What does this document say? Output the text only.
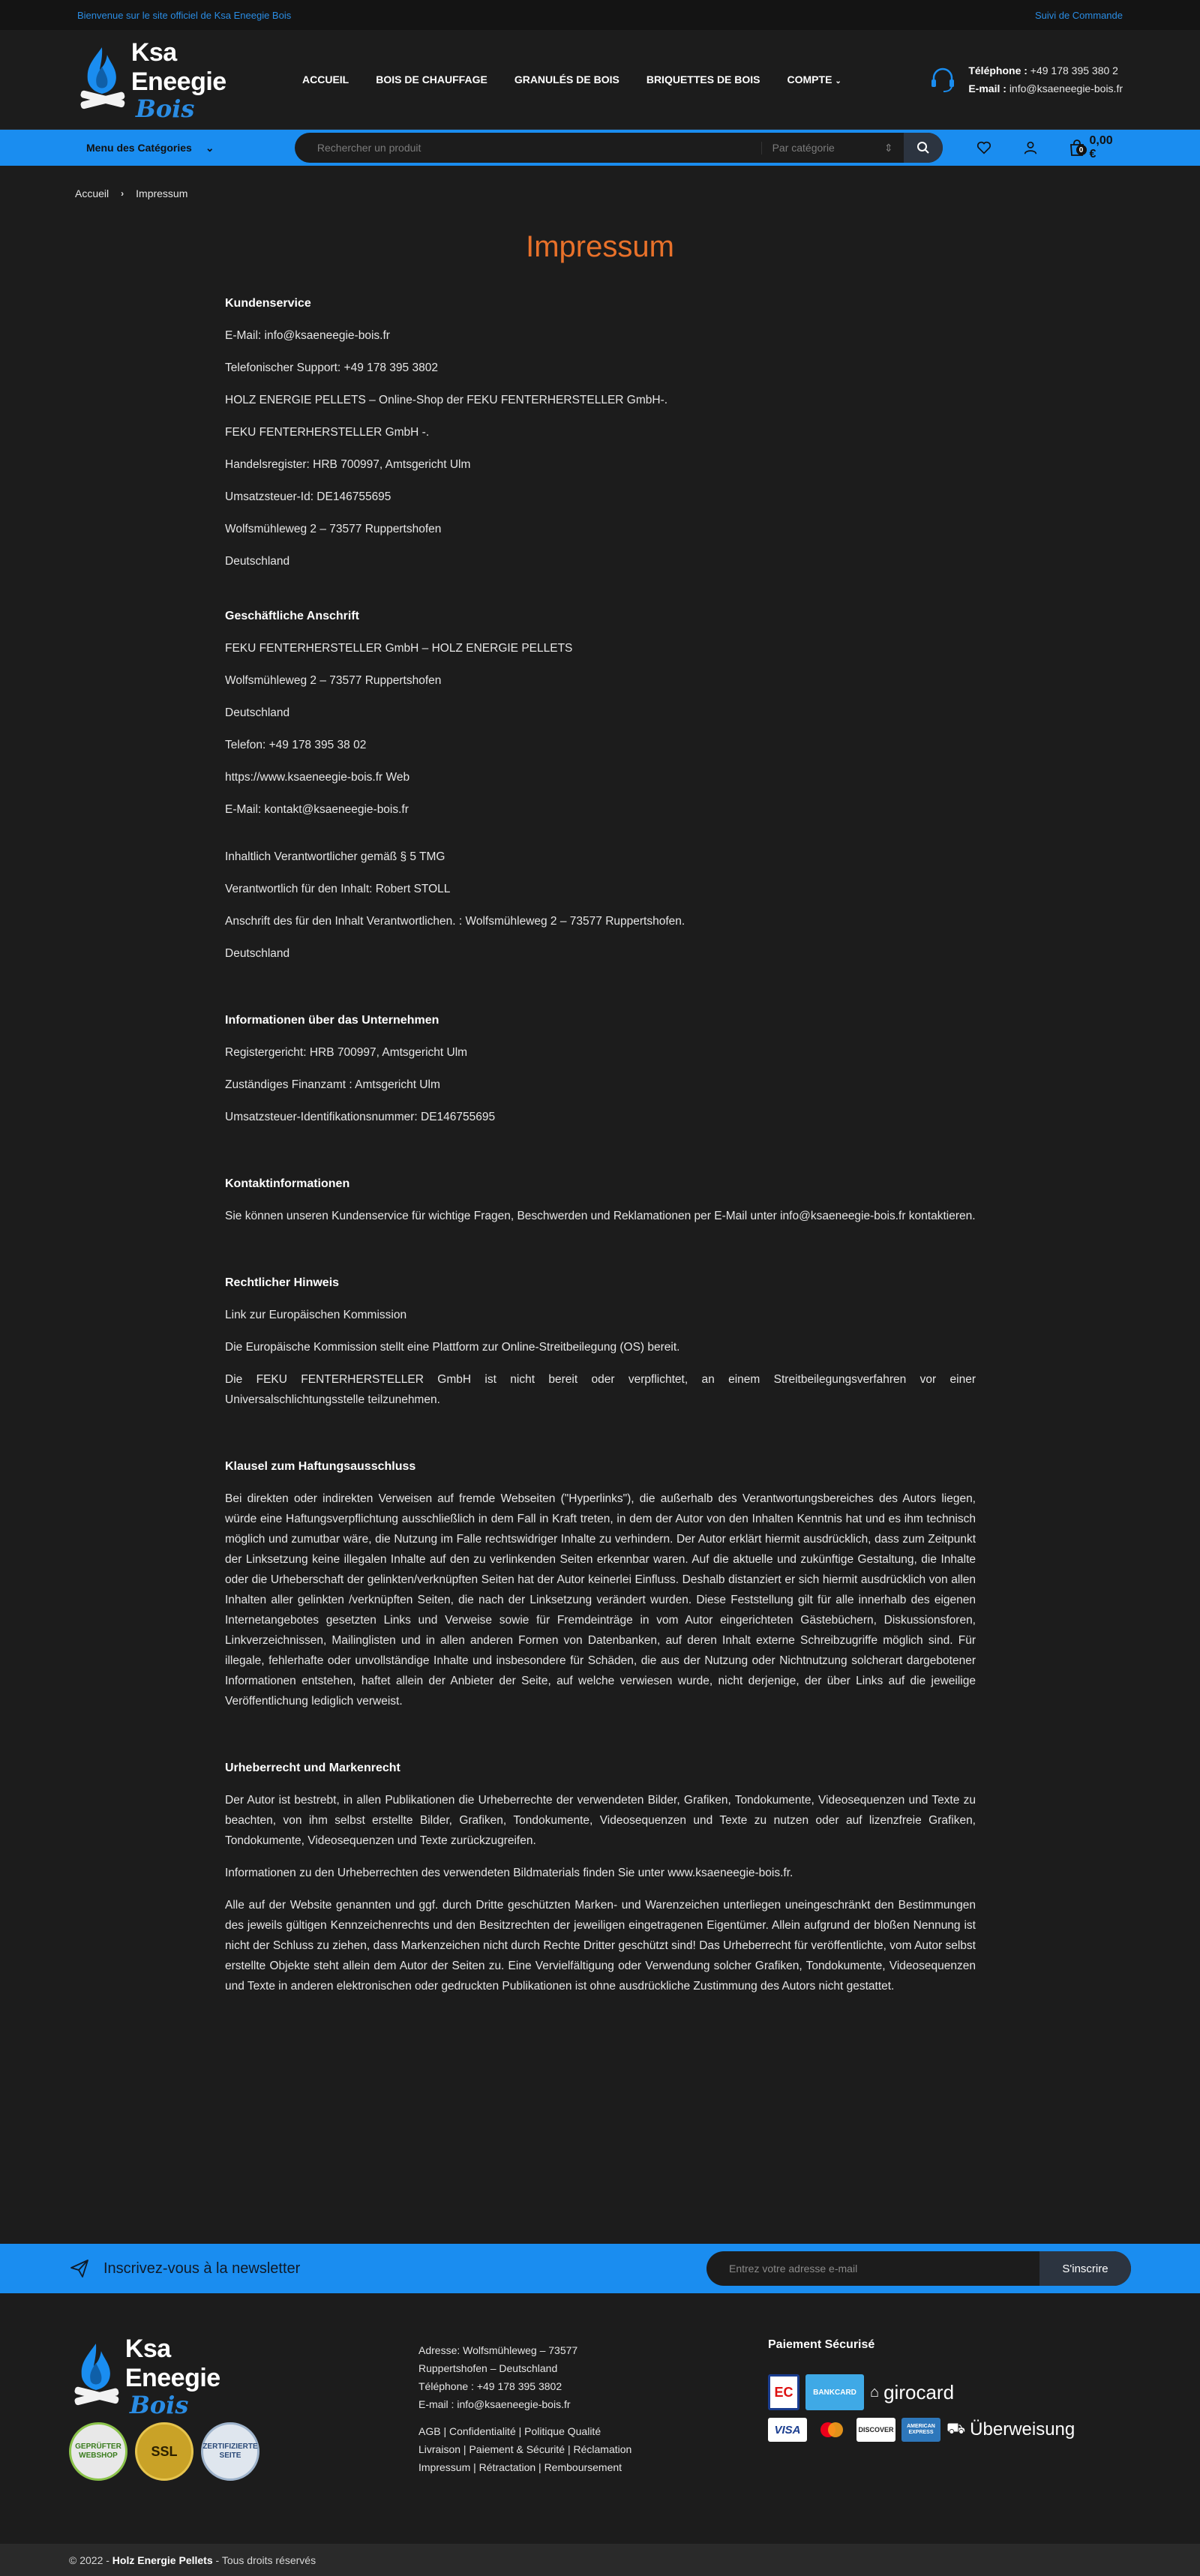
Bienvenue sur le site officiel de Ksa Eneegie Bois	Suivi de Commande
Ksa Eneegie
Bois
ACCUEIL	BOIS DE CHAUFFAGE	GRANULÉS DE BOIS	BRIQUETTES DE BOIS	COMPTE ⌄
Téléphone : +49 178 395 380 2
E-mail : info@ksaeneegie-bois.fr
Menu des Catégories ⌄	Rechercher un produit	Par catégorie	⇕	0
0,00 €
Accueil › Impressum
Impressum
Kundenservice

E-Mail: info@ksaeneegie-bois.fr

Telefonischer Support: +49 178 395 3802

HOLZ ENERGIE PELLETS – Online-Shop der FEKU FENTERHERSTELLER GmbH-.

FEKU FENTERHERSTELLER GmbH -.

Handelsregister: HRB 700997, Amtsgericht Ulm

Umsatzsteuer-Id: DE146755695

Wolfsmühleweg 2 – 73577 Ruppertshofen

Deutschland

Geschäftliche Anschrift

FEKU FENTERHERSTELLER GmbH – HOLZ ENERGIE PELLETS

Wolfsmühleweg 2 – 73577 Ruppertshofen

Deutschland

Telefon: +49 178 395 38 02

https://www.ksaeneegie-bois.fr Web

E-Mail: kontakt@ksaeneegie-bois.fr

Inhaltlich Verantwortlicher gemäß § 5 TMG

Verantwortlich für den Inhalt: Robert STOLL

Anschrift des für den Inhalt Verantwortlichen. : Wolfsmühleweg 2 – 73577 Ruppertshofen.

Deutschland

Informationen über das Unternehmen

Registergericht: HRB 700997, Amtsgericht Ulm

Zuständiges Finanzamt : Amtsgericht Ulm

Umsatzsteuer-Identifikationsnummer: DE146755695

Kontaktinformationen

Sie können unseren Kundenservice für wichtige Fragen, Beschwerden und Reklamationen per E-Mail unter info@ksaeneegie-bois.fr kontaktieren.

Rechtlicher Hinweis

Link zur Europäischen Kommission

Die Europäische Kommission stellt eine Plattform zur Online-Streitbeilegung (OS) bereit.

Die FEKU FENTERHERSTELLER GmbH ist nicht bereit oder verpflichtet, an einem Streitbeilegungsverfahren vor einer Universalschlichtungsstelle teilzunehmen.

Klausel zum Haftungsausschluss

Bei direkten oder indirekten Verweisen auf fremde Webseiten ("Hyperlinks"), die außerhalb des Verantwortungsbereiches des Autors liegen, würde eine Haftungsverpflichtung ausschließlich in dem Fall in Kraft treten, in dem der Autor von den Inhalten Kenntnis hat und es ihm technisch möglich und zumutbar wäre, die Nutzung im Falle rechtswidriger Inhalte zu verhindern. Der Autor erklärt hiermit ausdrücklich, dass zum Zeitpunkt der Linksetzung keine illegalen Inhalte auf den zu verlinkenden Seiten erkennbar waren. Auf die aktuelle und zukünftige Gestaltung, die Inhalte oder die Urheberschaft der gelinkten/verknüpften Seiten hat der Autor keinerlei Einfluss. Deshalb distanziert er sich hiermit ausdrücklich von allen Inhalten aller gelinkten /verknüpften Seiten, die nach der Linksetzung verändert wurden. Diese Feststellung gilt für alle innerhalb des eigenen Internetangebotes gesetzten Links und Verweise sowie für Fremdeinträge in vom Autor eingerichteten Gästebüchern, Diskussionsforen, Linkverzeichnissen, Mailinglisten und in allen anderen Formen von Datenbanken, auf deren Inhalt externe Schreibzugriffe möglich sind. Für illegale, fehlerhafte oder unvollständige Inhalte und insbesondere für Schäden, die aus der Nutzung oder Nichtnutzung solcherart dargebotener Informationen entstehen, haftet allein der Anbieter der Seite, auf welche verwiesen wurde, nicht derjenige, der über Links auf die jeweilige Veröffentlichung lediglich verweist.

Urheberrecht und Markenrecht

Der Autor ist bestrebt, in allen Publikationen die Urheberrechte der verwendeten Bilder, Grafiken, Tondokumente, Videosequenzen und Texte zu beachten, von ihm selbst erstellte Bilder, Grafiken, Tondokumente, Videosequenzen und Texte zu nutzen oder auf lizenzfreie Grafiken, Tondokumente, Videosequenzen und Texte zurückzugreifen.

Informationen zu den Urheberrechten des verwendeten Bildmaterials finden Sie unter www.ksaeneegie-bois.fr.

Alle auf der Website genannten und ggf. durch Dritte geschützten Marken- und Warenzeichen unterliegen uneingeschränkt den Bestimmungen des jeweils gültigen Kennzeichenrechts und den Besitzrechten der jeweiligen eingetragenen Eigentümer. Allein aufgrund der bloßen Nennung ist nicht der Schluss zu ziehen, dass Markenzeichen nicht durch Rechte Dritter geschützt sind! Das Urheberrecht für veröffentlichte, vom Autor selbst erstellte Objekte steht allein dem Autor der Seiten zu. Eine Vervielfältigung oder Verwendung solcher Grafiken, Tondokumente, Videosequenzen und Texte in anderen elektronischen oder gedruckten Publikationen ist ohne ausdrückliche Zustimmung des Autors nicht gestattet.

Inscrivez-vous à la newsletter	Entrez votre adresse e-mail	S'inscrire
Ksa Eneegie
Bois
GEPRÜFTER WEBSHOP	SSL	ZERTIFIZIERTE SEITE
Adresse: Wolfsmühleweg – 73577
Ruppertshofen – Deutschland
Téléphone : +49 178 395 3802
E-mail : info@ksaeneegie-bois.fr
AGB | Confidentialité | Politique Qualité
Livraison | Paiement & Sécurité | Réclamation
Impressum | Rétractation | Remboursement
Paiement Sécurisé
EC	BANKCARD ⌂ girocard
VISA	DISCOVER	AMERICAN EXPRESS ⛟ Überweisung
© 2022 - Holz Energie Pellets - Tous droits réservés
